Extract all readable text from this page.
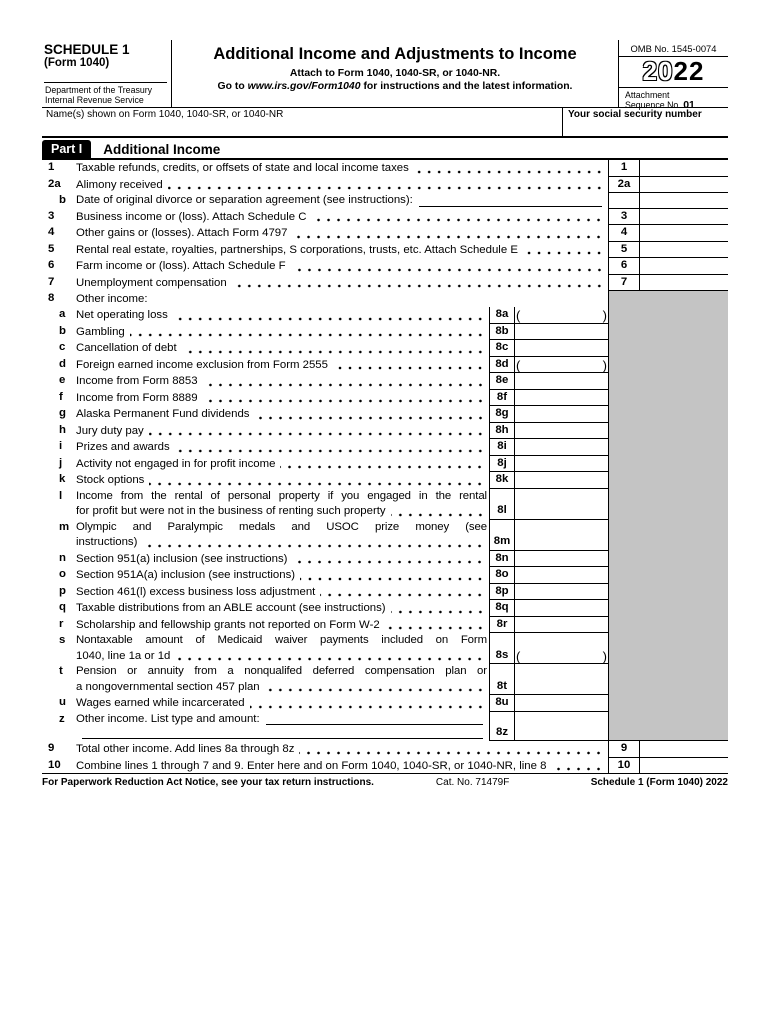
SCHEDULE 1
(Form 1040)
Department of the Treasury
Internal Revenue Service
Additional Income and Adjustments to Income
Attach to Form 1040, 1040-SR, or 1040-NR.
Go to www.irs.gov/Form1040 for instructions and the latest information.
OMB No. 1545-0074
2022
Attachment
Sequence No. 01
Name(s) shown on Form 1040, 1040-SR, or 1040-NR	Your social security number
Part I	Additional Income
1	Taxable refunds, credits, or offsets of state and local income taxes	1
2a	Alimony received	2a
b Date of original divorce or separation agreement (see instructions):
3	Business income or (loss). Attach Schedule C	3
4	Other gains or (losses). Attach Form 4797	4
5	Rental real estate, royalties, partnerships, S corporations, trusts, etc. Attach Schedule E	5
6	Farm income or (loss). Attach Schedule F	6
7	Unemployment compensation	7
8	Other income:
a Net operating loss	8a (	)
b Gambling	8b
c Cancellation of debt	8c
d Foreign earned income exclusion from Form 2555	8d (	)
e Income from Form 8853	8e
f	Income from Form 8889	8f
g Alaska Permanent Fund dividends	8g
h Jury duty pay	8h
i	Prizes and awards	8i
j	Activity not engaged in for profit income	8j
k Stock options	8k
l	Income from the rental of personal property if you engaged in the rental
for profit but were not in the business of renting such property	8l
m Olympic and Paralympic medals and USOC prize money (see
instructions)	8m
n Section 951(a) inclusion (see instructions)	8n
o Section 951A(a) inclusion (see instructions)	8o
p Section 461(l) excess business loss adjustment	8p
q Taxable distributions from an ABLE account (see instructions)	8q
r	Scholarship and fellowship grants not reported on Form W-2	8r
s Nontaxable amount of Medicaid waiver payments included on Form
1040, line 1a or 1d	8s (	)
t	Pension or annuity from a nonqualifed deferred compensation plan or
a nongovernmental section 457 plan	8t
u Wages earned while incarcerated	8u
z Other income. List type and amount:
8z
9	Total other income. Add lines 8a through 8z	9
10	Combine lines 1 through 7 and 9. Enter here and on Form 1040, 1040-SR, or 1040-NR, line 8	10
For Paperwork Reduction Act Notice, see your tax return instructions.	Cat. No. 71479F	Schedule 1 (Form 1040) 2022
